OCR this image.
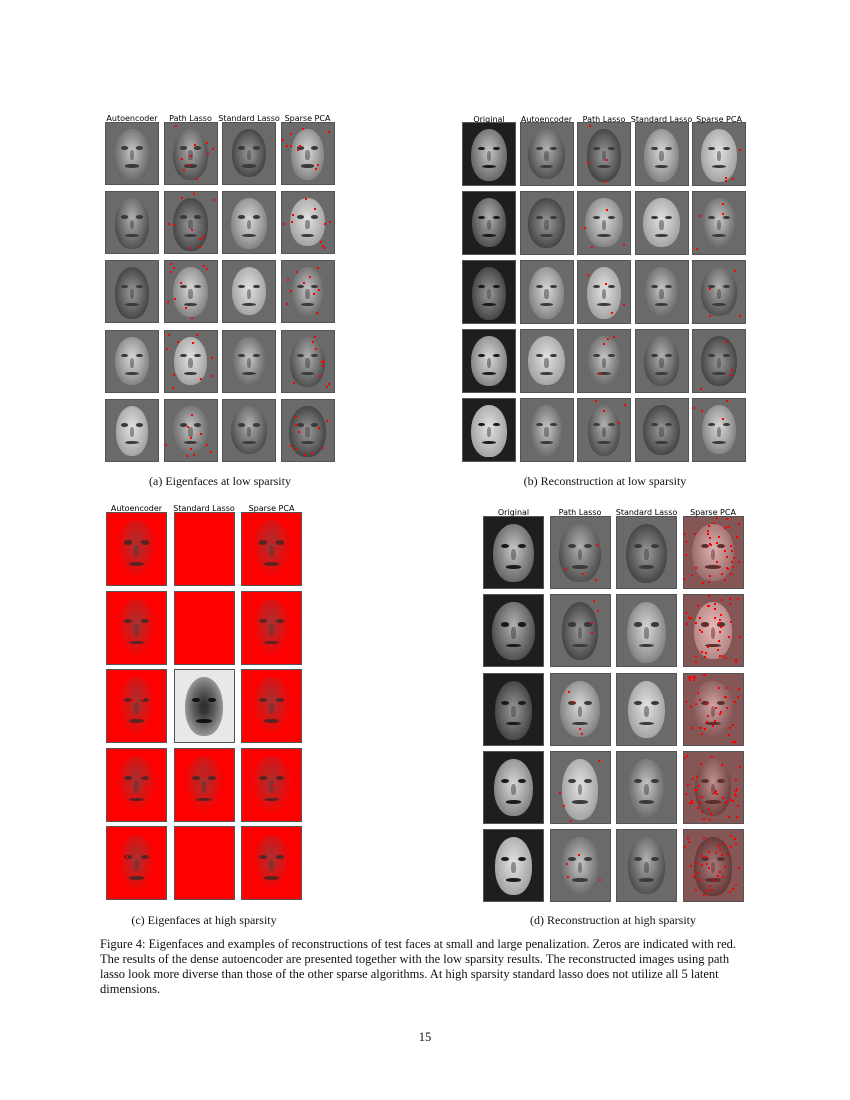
(a) Eigenfaces at low sparsity	(b) Reconstruction at low sparsity
(c) Eigenfaces at high sparsity	(d) Reconstruction at high sparsity
Figure 4: Eigenfaces and examples of reconstructions of test faces at small and large penalization. Zeros are indicated with red. The results of the dense autoencoder are presented together with the low sparsity results. The reconstructed images using path lasso look more diverse than those of the other sparse algorithms. At high sparsity standard lasso does not utilize all 5 latent dimensions.
15
Autoencoder	Path Lasso Standard Lasso Sparse PCA	Original	Autoencoder	Path Lasso Standard Lasso Sparse PCA
Autoencoder	Standard Lasso	Sparse PCA	Original	Path Lasso	Standard Lasso	Sparse PCA
